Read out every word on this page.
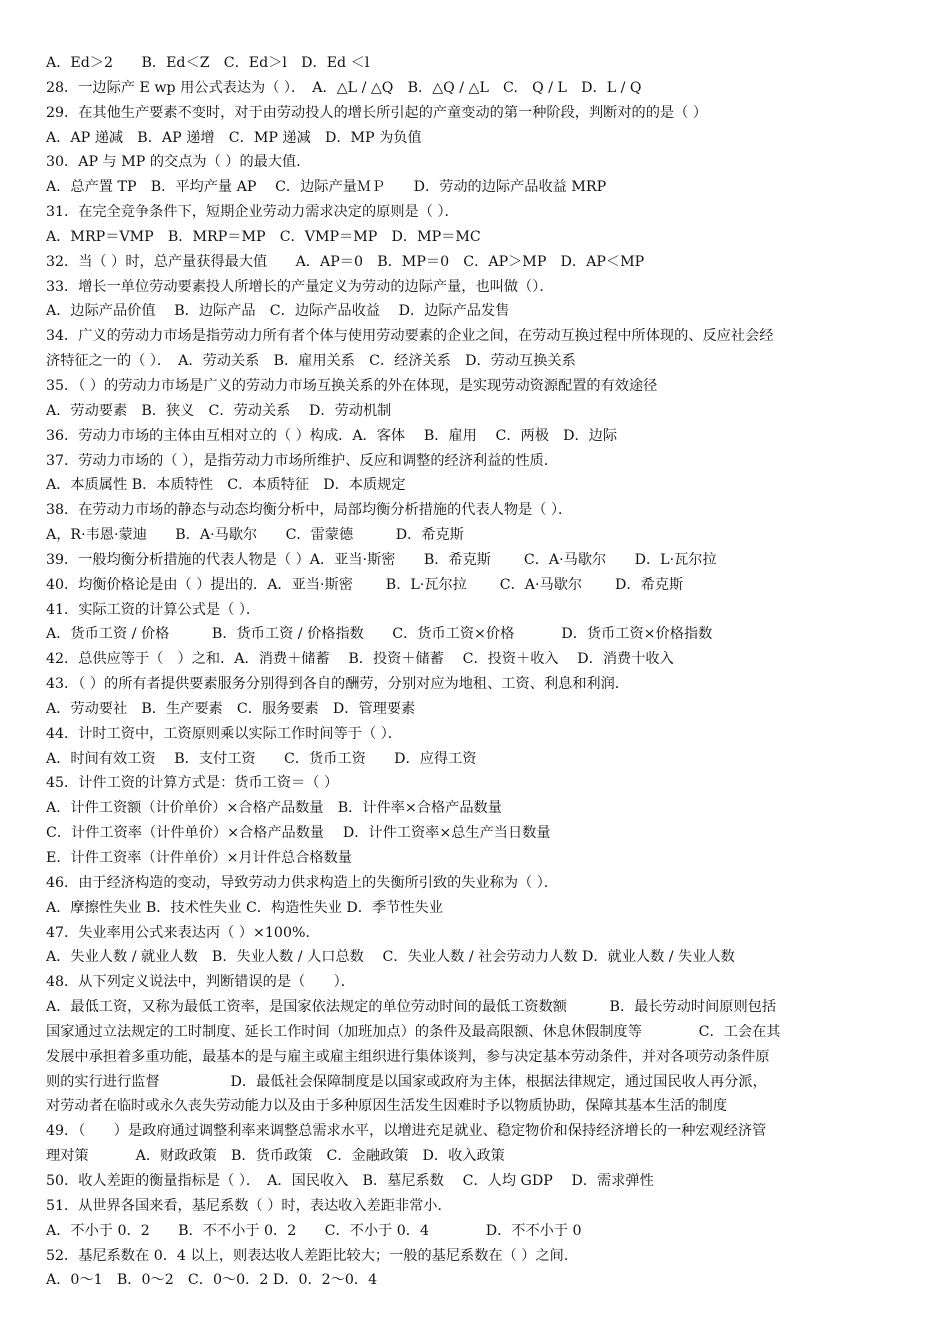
A．Ed＞2　　B．Ed＜Z　C．Ed＞l　D．Ed ＜l
28．一边际产 E wp 用公式表达为（ ）．　A．△L / △Q　B．△Q / △L　C.　Q / L　D．L / Q
29．在其他生产要素不变时，对于由劳动投人的增长所引起的产童变动的第一种阶段，判断对的的是（ ）
A．AP 递减　B．AP 递增　C．MP 递减　D．MP 为负值
30．AP 与 MP 的交点为（ ）的最大值．
A．总产置 TP　B．平均产量 AP　 C．边际产量ＭＰ　　D．劳动的边际产品收益 MRP
31．在完全竞争条件下，短期企业劳动力需求决定的原则是（ ）．
A．MRP＝VMP　B．MRP＝MP　C．VMP＝MP　D．MP＝MC
32．当（ ）时，总产量获得最大值　　A．AP＝0　B．MP＝0　C．AP＞MP　D．AP＜MP
33．增长一单位劳动要素投人所增长的产量定义为劳动的边际产量，也叫做（）．
A．边际产品价值　 B．边际产品　C．边际产品收益　 D．边际产品发售
34．广义的劳动力市场是指劳动力所有者个体与使用劳动要素的企业之间，在劳动互换过程中所体现的、反应社会经
济特征之一的（ ）．　A．劳动关系　B．雇用关系　C．经济关系　D．劳动互换关系
35．（ ）的劳动力市场是广义的劳动力市场互换关系的外在体现，是实现劳动资源配置的有效途径
A．劳动要素　B．狭义　C．劳动关系　 D．劳动机制
36．劳动力市场的主体由互相对立的（ ）构成．A．客体　 B．雇用　 C．两极　D．边际
37．劳动力市场的（ ），是指劳动力市场所维护、反应和调整的经济利益的性质．
A．本质属性 B．本质特性　C．本质特征　D．本质规定
38．在劳动力市场的静态与动态均衡分析中，局部均衡分析措施的代表人物是（ ）．
A，R·韦恩·蒙迪　　B．A·马歇尔　　C．雷蒙德　　　D．希克斯
39．一般均衡分析措施的代表人物是（ ）A．亚当·斯密　　B．希克斯　　 C．A·马歇尔　　D．L·瓦尔拉
40．均衡价格论是由（ ）提出的．A．亚当·斯密　　 B．L·瓦尔拉　　 C．A·马歇尔　　 D．希克斯
41．实际工资的计算公式是（ ）．
A．货币工资 / 价格　　　B．货币工资 / 价格指数　　C．货币工资×价格　　　 D．货币工资×价格指数
42．总供应等于（　）之和．A．消费＋储蓄　 B．投资＋储蓄　 C．投资＋收入　 D．消费十收入
43．（ ）的所有者提供要素服务分别得到各自的酬劳，分别对应为地租、工资、利息和利润．
A．劳动要社　B．生产要素　C．服务要素　D．管理要素
44．计时工资中，工资原则乘以实际工作时间等于（ ）．
A．时间有效工资　 B．支付工资　　C．货币工资　　D．应得工资
45．计件工资的计算方式是：货币工资＝（ ）
A．计件工资额（计价单价）×合格产品数量　B．计件率×合格产品数量
C．计件工资率（计件单价）×合格产品数量　 D．计件工资率×总生产当日数量
E．计件工资率（计件单价）×月计件总合格数量
46．由于经济构造的变动，导致劳动力供求构造上的失衡所引致的失业称为（ ）．
A．摩擦性失业 B．技术性失业 C．构造性失业 D．季节性失业
47．失业率用公式来表达丙（ ）×100%．
A．失业人数 / 就业人数　B．失业人数 / 人口总数　 C．失业人数 / 社会劳动力人数 D．就业人数 / 失业人数
48．从下列定义说法中，判断错误的是（　　）．
A．最低工资，又称为最低工资率，是国家依法规定的单位劳动时间的最低工资数额　　　B．最长劳动时间原则包括
国家通过立法规定的工时制度、延长工作时间（加班加点）的条件及最高限额、休息休假制度等　　　　C．工会在其
发展中承担着多重功能，最基本的是与雇主或雇主组织进行集体谈判，参与决定基本劳动条件，并对各项劳动条件原
则的实行进行监督　　　　　D．最低社会保障制度是以国家或政府为主体，根据法律规定，通过国民收人再分派，
对劳动者在临时或永久丧失劳动能力以及由于多种原因生活发生因难时予以物质协助，保障其基本生活的制度
49．（　　）是政府通过调整利率来调整总需求水平，以增进充足就业、稳定物价和保持经济增长的一种宏观经济管
理对策　　　 A．财政政策　B．货币政策　C．金融政策　D．收入政策
50．收人差距的衡量指标是（ ）．　A．国民收入　B．墓尼系数　 C．人均 GDP　 D．需求弹性
51．从世界各国来看，基尼系数（ ）时，表达收入差距非常小．
A．不小于 0．2　　B．不不小于 0．2　　C．不小于 0．4　　　　D．不不小于 0
52．基尼系数在 0．4 以上，则表达收人差距比较大；一般的基尼系数在（ ）之间．
A．0～1　B．0～2　C．0～0．2 D．0．2～0．4
